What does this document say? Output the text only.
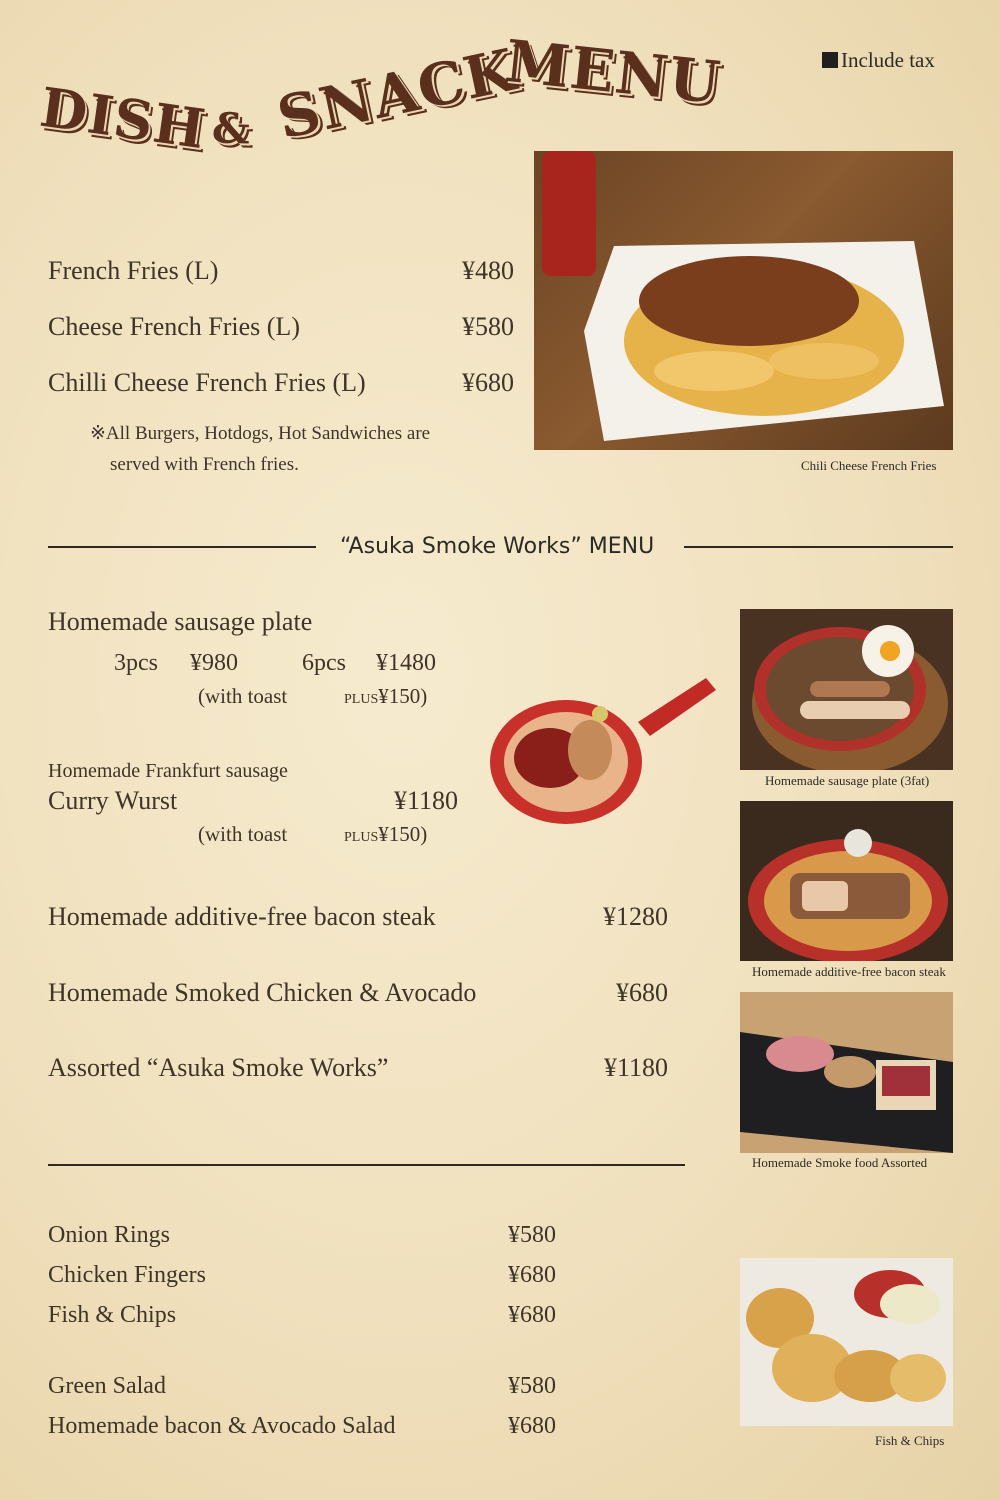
DISH & SNACK
MENU	Include tax
French Fries (L)	¥480
Cheese French Fries (L)	¥580
Chilli Cheese French Fries (L)	¥680
※All Burgers, Hotdogs, Hot Sandwiches are
served with French fries.	Chili Cheese French Fries
“Asuka Smoke Works” MENU
Homemade sausage plate
3pcs ¥980	6pcs ¥1480
(with toast	PLUS¥150)
Homemade Frankfurt sausage
Curry Wurst	¥1180
(with toast	PLUS¥150)
Homemade additive-free bacon steak	¥1280
Homemade Smoked Chicken & Avocado	¥680
Assorted “Asuka Smoke Works”	¥1180
Homemade sausage plate (3fat)
Homemade additive-free bacon steak
Homemade Smoke food Assorted
Onion Rings	¥580
Chicken Fingers	¥680
Fish & Chips	¥680
Green Salad	¥580
Homemade bacon & Avocado Salad	¥680
Fish & Chips
